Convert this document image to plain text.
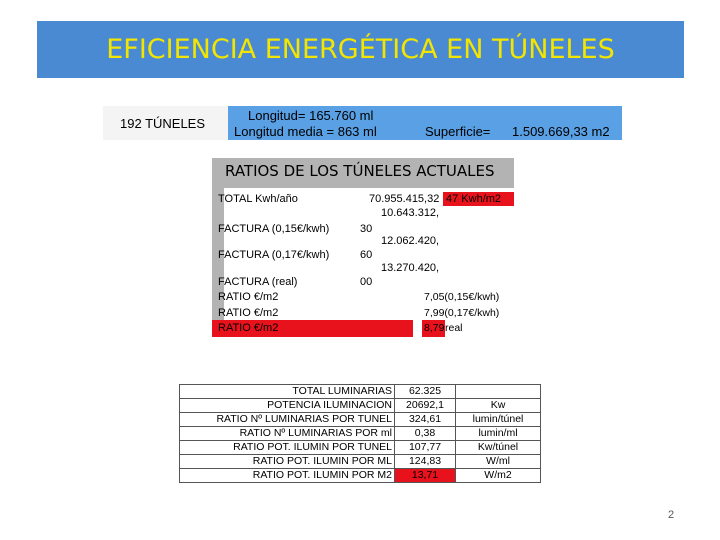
EFICIENCIA ENERGÉTICA EN TÚNELES
192 TÚNELES
Longitud= 165.760 ml
Longitud media = 863 ml	Superficie= 1.509.669,33 m2
RATIOS DE LOS TÚNELES ACTUALES
TOTAL Kwh/año	70.955.415,32 47 Kwh/m2
10.643.312,
FACTURA (0,15€/kwh)	30
12.062.420,
FACTURA (0,17€/kwh)	60
13.270.420,
FACTURA (real)	00
RATIO €/m2	7,05(0,15€/kwh)
RATIO €/m2	7,99(0,17€/kwh)
RATIO €/m2	8,79 real
TOTAL LUMINARIAS	62.325	
POTENCIA ILUMINACION	20692,1	Kw
RATIO Nº LUMINARIAS POR TUNEL	324,61	lumin/túnel
RATIO Nº LUMINARIAS POR ml	0,38	lumin/ml
RATIO POT. ILUMIN POR TUNEL	107,77	Kw/túnel
RATIO POT. ILUMIN POR ML	124,83	W/ml
RATIO POT. ILUMIN POR M2	13,71	W/m2
2
